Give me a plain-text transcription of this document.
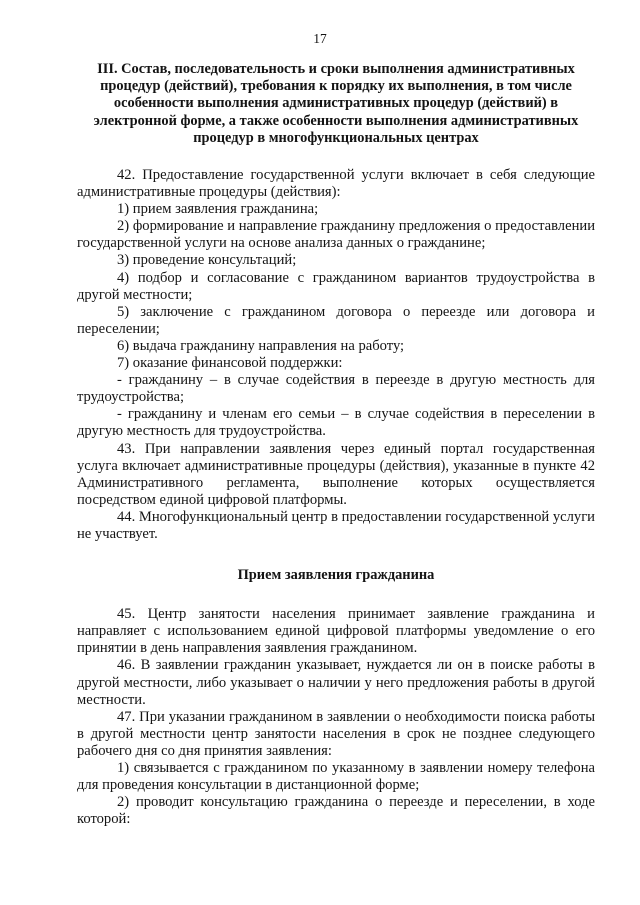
17
III. Состав, последовательность и сроки выполнения административных процедур (действий), требования к порядку их выполнения, в том числе особенности выполнения административных процедур (действий) в электронной форме, а также особенности выполнения административных процедур в многофункциональных центрах

42. Предоставление государственной услуги включает в себя следующие административные процедуры (действия):

1) прием заявления гражданина;

2) формирование и направление гражданину предложения о предоставлении государственной услуги на основе анализа данных о гражданине;

3) проведение консультаций;

4) подбор и согласование с гражданином вариантов трудоустройства в другой местности;

5) заключение с гражданином договора о переезде или договора и переселении;

6) выдача гражданину направления на работу;

7) оказание финансовой поддержки:

- гражданину – в случае содействия в переезде в другую местность для трудоустройства;

- гражданину и членам его семьи – в случае содействия в переселении в другую местность для трудоустройства.

43. При направлении заявления через единый портал государственная услуга включает административные процедуры (действия), указанные в пункте 42 Административного регламента, выполнение которых осуществляется посредством единой цифровой платформы.

44. Многофункциональный центр в предоставлении государственной услуги не участвует.

Прием заявления гражданина

45. Центр занятости населения принимает заявление гражданина и направляет с использованием единой цифровой платформы уведомление о его принятии в день направления заявления гражданином.

46. В заявлении гражданин указывает, нуждается ли он в поиске работы в другой местности, либо указывает о наличии у него предложения работы в другой местности.

47. При указании гражданином в заявлении о необходимости поиска работы в другой местности центр занятости населения в срок не позднее следующего рабочего дня со дня принятия заявления:

1) связывается с гражданином по указанному в заявлении номеру телефона для проведения консультации в дистанционной форме;

2) проводит консультацию гражданина о переезде и переселении, в ходе которой:
